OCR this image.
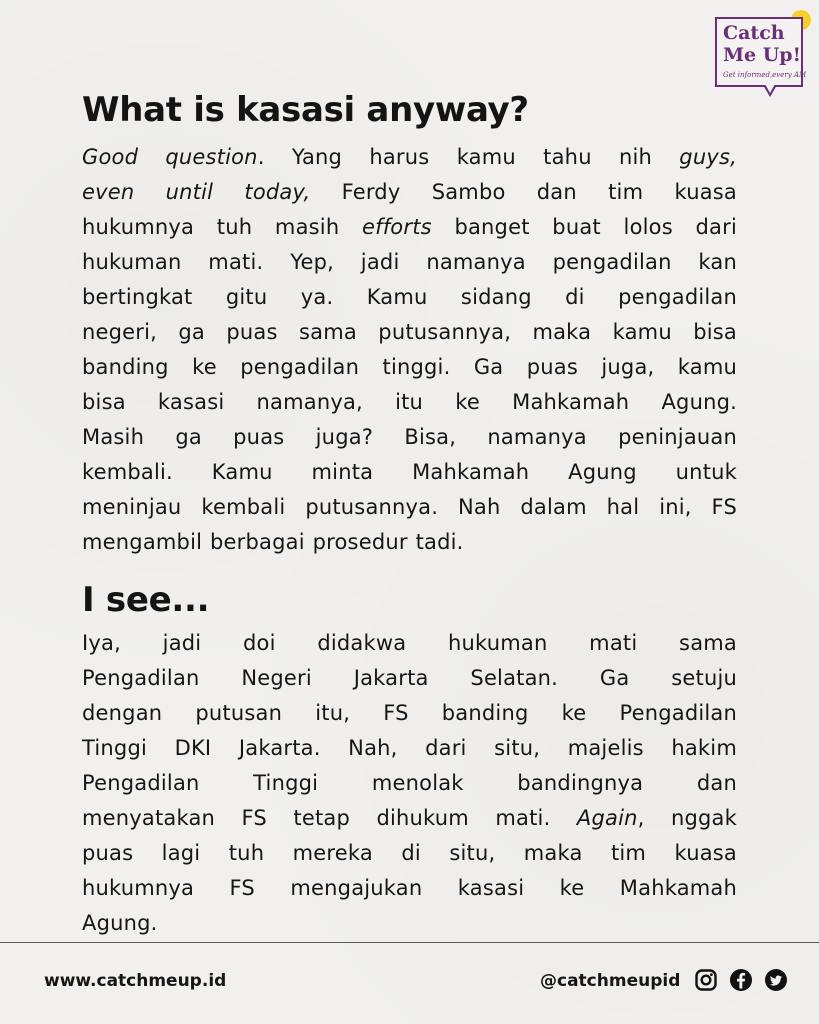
Catch
Me Up!
Get informed,every AM
What is kasasi anyway?
Good question. Yang harus kamu tahu nih guys,
even until today, Ferdy Sambo dan tim kuasa
hukumnya tuh masih efforts banget buat lolos dari
hukuman mati. Yep, jadi namanya pengadilan kan
bertingkat gitu ya. Kamu sidang di pengadilan
negeri, ga puas sama putusannya, maka kamu bisa
banding ke pengadilan tinggi. Ga puas juga, kamu
bisa kasasi namanya, itu ke Mahkamah Agung.
Masih ga puas juga? Bisa, namanya peninjauan
kembali. Kamu minta Mahkamah Agung untuk
meninjau kembali putusannya. Nah dalam hal ini, FS
mengambil berbagai prosedur tadi.
I see...
Iya, jadi doi didakwa hukuman mati sama
Pengadilan Negeri Jakarta Selatan. Ga setuju
dengan putusan itu, FS banding ke Pengadilan
Tinggi DKI Jakarta. Nah, dari situ, majelis hakim
Pengadilan Tinggi menolak bandingnya dan
menyatakan FS tetap dihukum mati. Again, nggak
puas lagi tuh mereka di situ, maka tim kuasa
hukumnya FS mengajukan kasasi ke Mahkamah
Agung.
www.catchmeup.id	@catchmeupid
